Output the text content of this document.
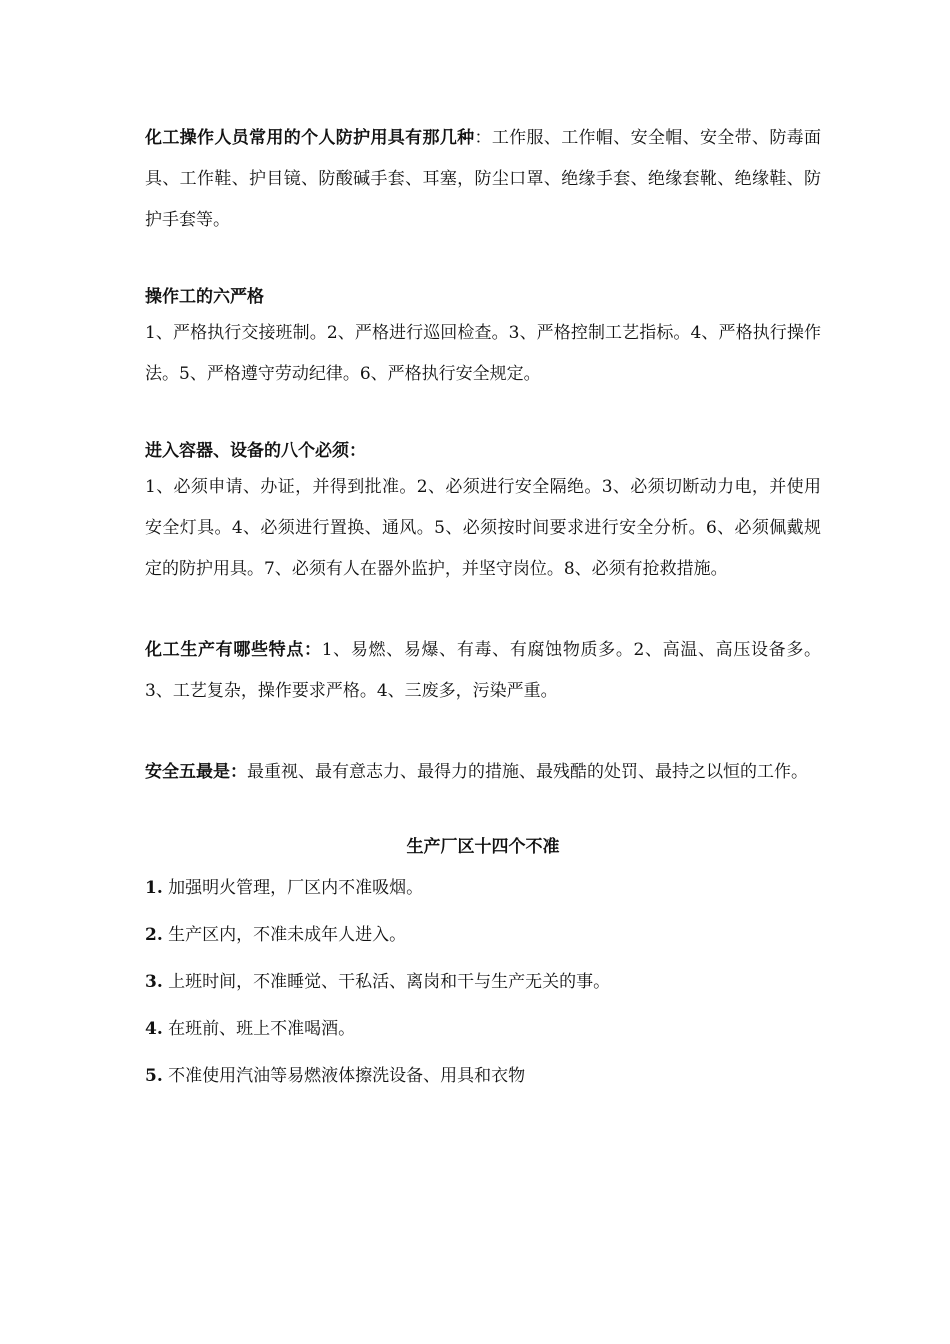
化工操作人员常用的个人防护用具有那几种：工作服、工作帽、安全帽、安全带、防毒面具、工作鞋、护目镜、防酸碱手套、耳塞，防尘口罩、绝缘手套、绝缘套靴、绝缘鞋、防护手套等。

操作工的六严格

1、严格执行交接班制。2、严格进行巡回检查。3、严格控制工艺指标。4、严格执行操作法。5、严格遵守劳动纪律。6、严格执行安全规定。

进入容器、设备的八个必须：

1、必须申请、办证，并得到批准。2、必须进行安全隔绝。3、必须切断动力电，并使用安全灯具。4、必须进行置换、通风。5、必须按时间要求进行安全分析。6、必须佩戴规定的防护用具。7、必须有人在器外监护，并坚守岗位。8、必须有抢救措施。

化工生产有哪些特点：1、易燃、易爆、有毒、有腐蚀物质多。2、高温、高压设备多。3、工艺复杂，操作要求严格。4、三废多，污染严重。

安全五最是：最重视、最有意志力、最得力的措施、最残酷的处罚、最持之以恒的工作。

生产厂区十四个不准

1. 加强明火管理，厂区内不准吸烟。

2. 生产区内，不准未成年人进入。

3. 上班时间，不准睡觉、干私活、离岗和干与生产无关的事。

4. 在班前、班上不准喝酒。

5. 不准使用汽油等易燃液体擦洗设备、用具和衣物
